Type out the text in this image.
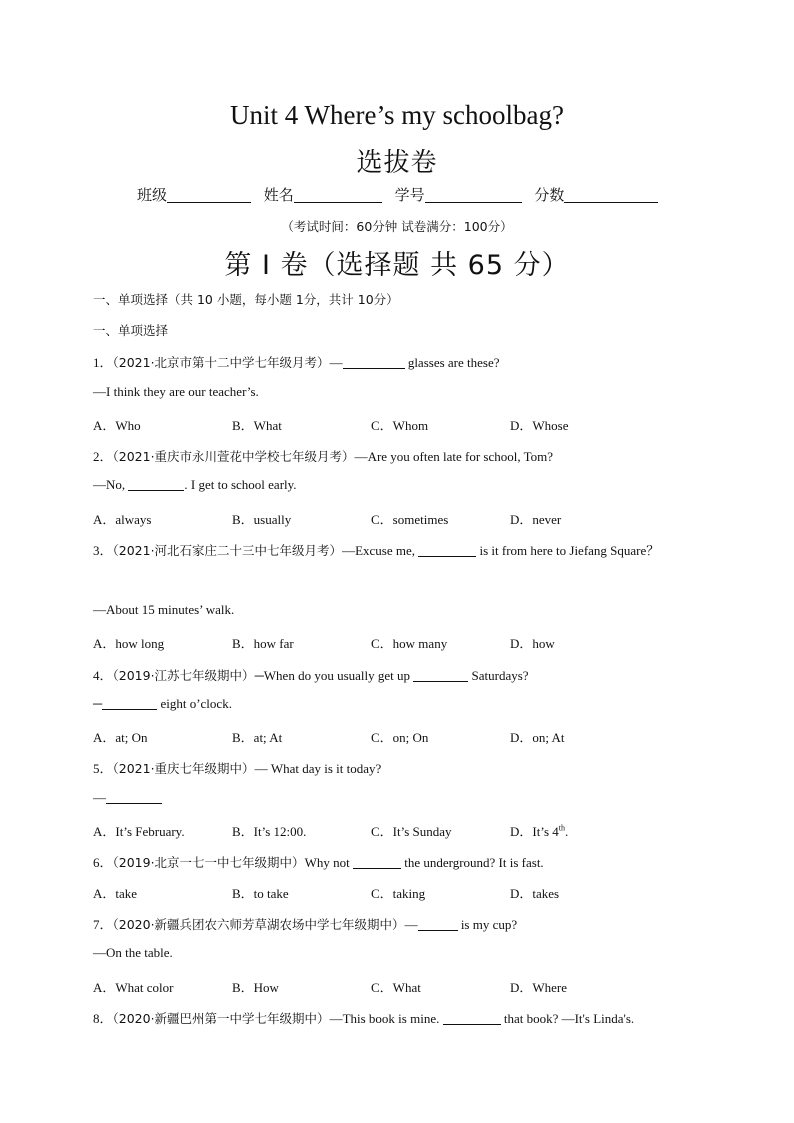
Unit 4 Where’s my schoolbag?
选拔卷
班级	姓名	学号	分数
（考试时间：60分钟 试卷满分：100分）
第 I 卷（选择题 共 65 分）
一、单项选择（共 10 小题，每小题 1分，共计 10分）
一、单项选择
1．（2021·北京市第十二中学七年级月考）—	glasses are these?
—I think they are our teacher’s.
A．Who	B．What	C．Whom	D．Whose
2．（2021·重庆市永川萱花中学校七年级月考）—Are you often late for school, Tom?
—No,	. I get to school early.
A．always	B．usually	C．sometimes	D．never
3．（2021·河北石家庄二十三中七年级月考）—Excuse me,	is it from here to Jiefang Square？
—About 15 minutes’ walk.
A．how long	B．how far	C．how many	D．how
4．（2019·江苏七年级期中）─When do you usually get up	Saturdays?
─	eight o’clock.
A．at; On	B．at; At	C．on; On	D．on; At
5．（2021·重庆七年级期中）— What day is it today?
—
A．It’s February.	B．It’s 12:00.	C．It’s Sunday	D．It’s 4th.
6．（2019·北京一七一中七年级期中）Why not	the underground? It is fast.
A．take	B．to take	C．taking	D．takes
7．（2020·新疆兵团农六师芳草湖农场中学七年级期中）—	is my cup?
—On the table.
A．What color	B．How	C．What	D．Where
8．（2020·新疆巴州第一中学七年级期中）—This book is mine.	that book? —It's Linda's.
